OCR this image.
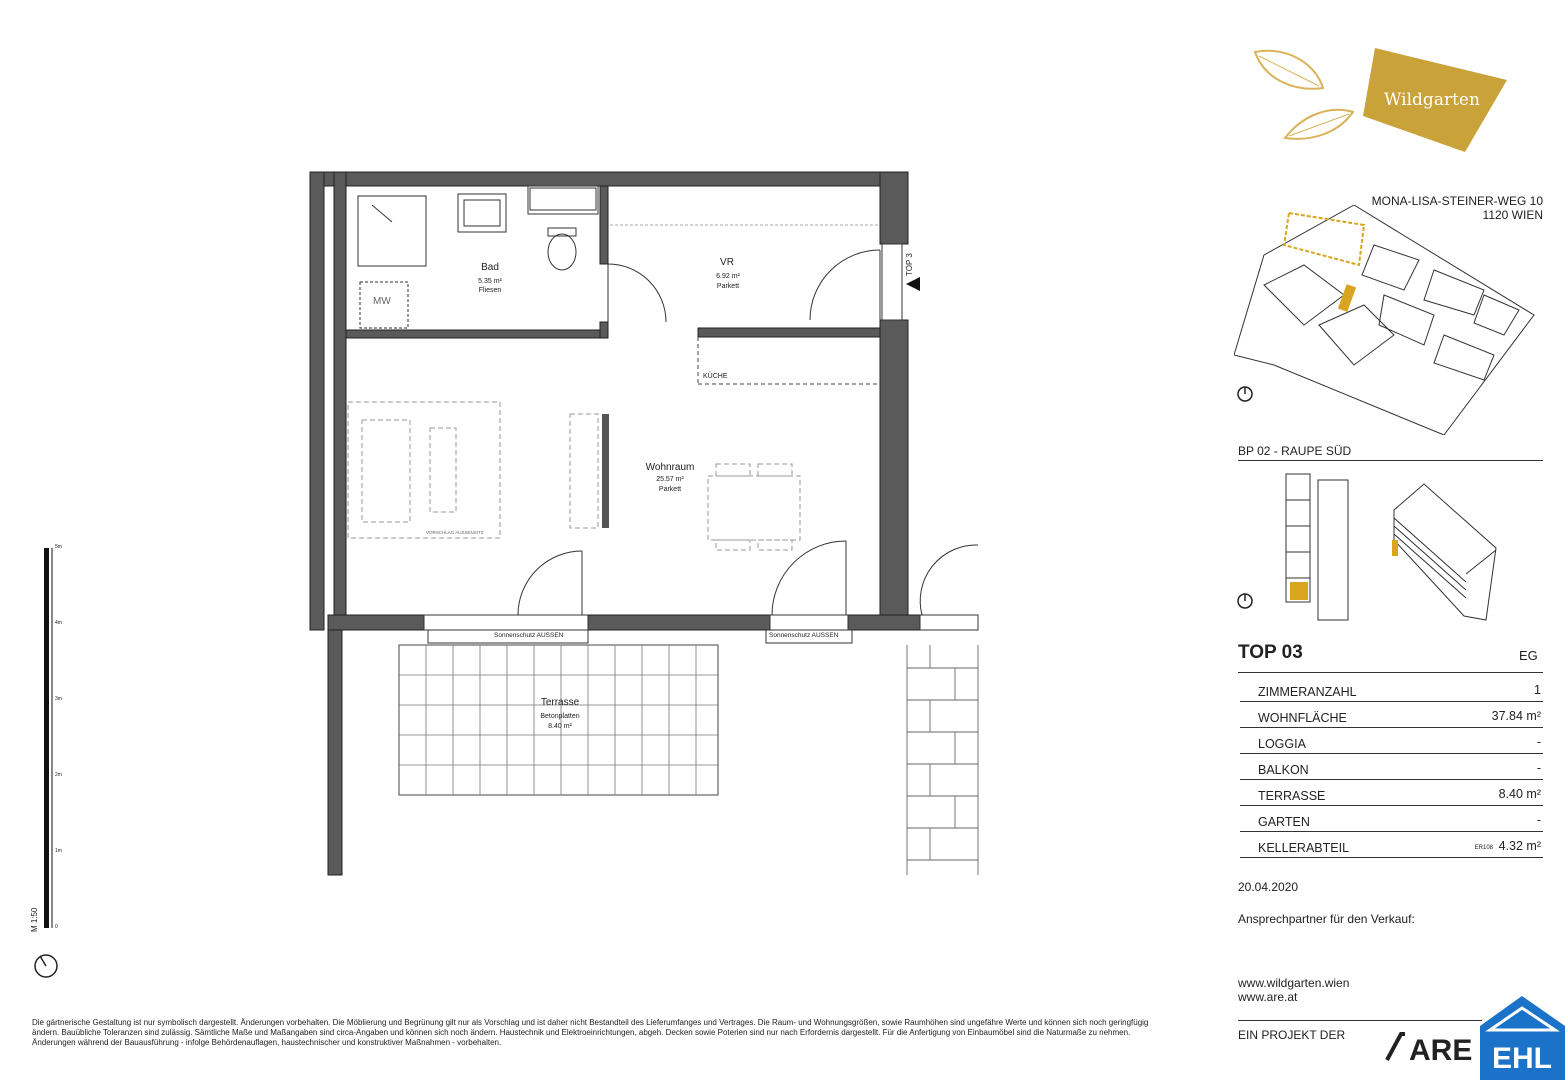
Bad
5.35 m²
Fliesen
VR
6.92 m²
Parkett
Wohnraum
25.57 m²
Parkett
Terrasse
Betonplatten
8.40 m²
KÜCHE
MW
TOP 3
Sonnenschutz AUSSEN	Sonnenschutz AUSSEN
VORSCHLAG AUSSENSITZ
5m
4m
3m
2m
1m
0
M 1:50
Wildgarten
MONA-LISA-STEINER-WEG 10
1120 WIEN
BP 02 - RAUPE SÜD
TOP 03	EG
ZIMMERANZAHL	1
WOHNFLÄCHE	37.84 m²
LOGGIA	-
BALKON	-
TERRASSE	8.40 m²
GARTEN	-
KELLERABTEIL	4.32 m²
ER108
20.04.2020
Ansprechpartner für den Verkauf:
www.wildgarten.wien
www.are.at
EIN PROJEKT DER ARE EHL
Die gärtnerische Gestaltung ist nur symbolisch dargestellt. Änderungen vorbehalten. Die Möblierung und Begrünung gilt nur als Vorschlag und ist daher nicht Bestandteil des Lieferumfanges und Vertrages. Die Raum- und Wohnungsgrößen, sowie Raumhöhen sind ungefähre Werte und können sich noch geringfügig ändern. Bauübliche Toleranzen sind zulässig. Sämtliche Maße und Maßangaben sind circa-Angaben und können sich noch ändern. Haustechnik und Elektroeinrichtungen, abgeh. Decken sowie Poterien sind nur nach Erfordernis dargestellt. Für die Anfertigung von Einbaumöbel sind die Naturmaße zu nehmen. Änderungen während der Bauausführung - infolge Behördenauflagen, haustechnischer und konstruktiver Maßnahmen - vorbehalten.
